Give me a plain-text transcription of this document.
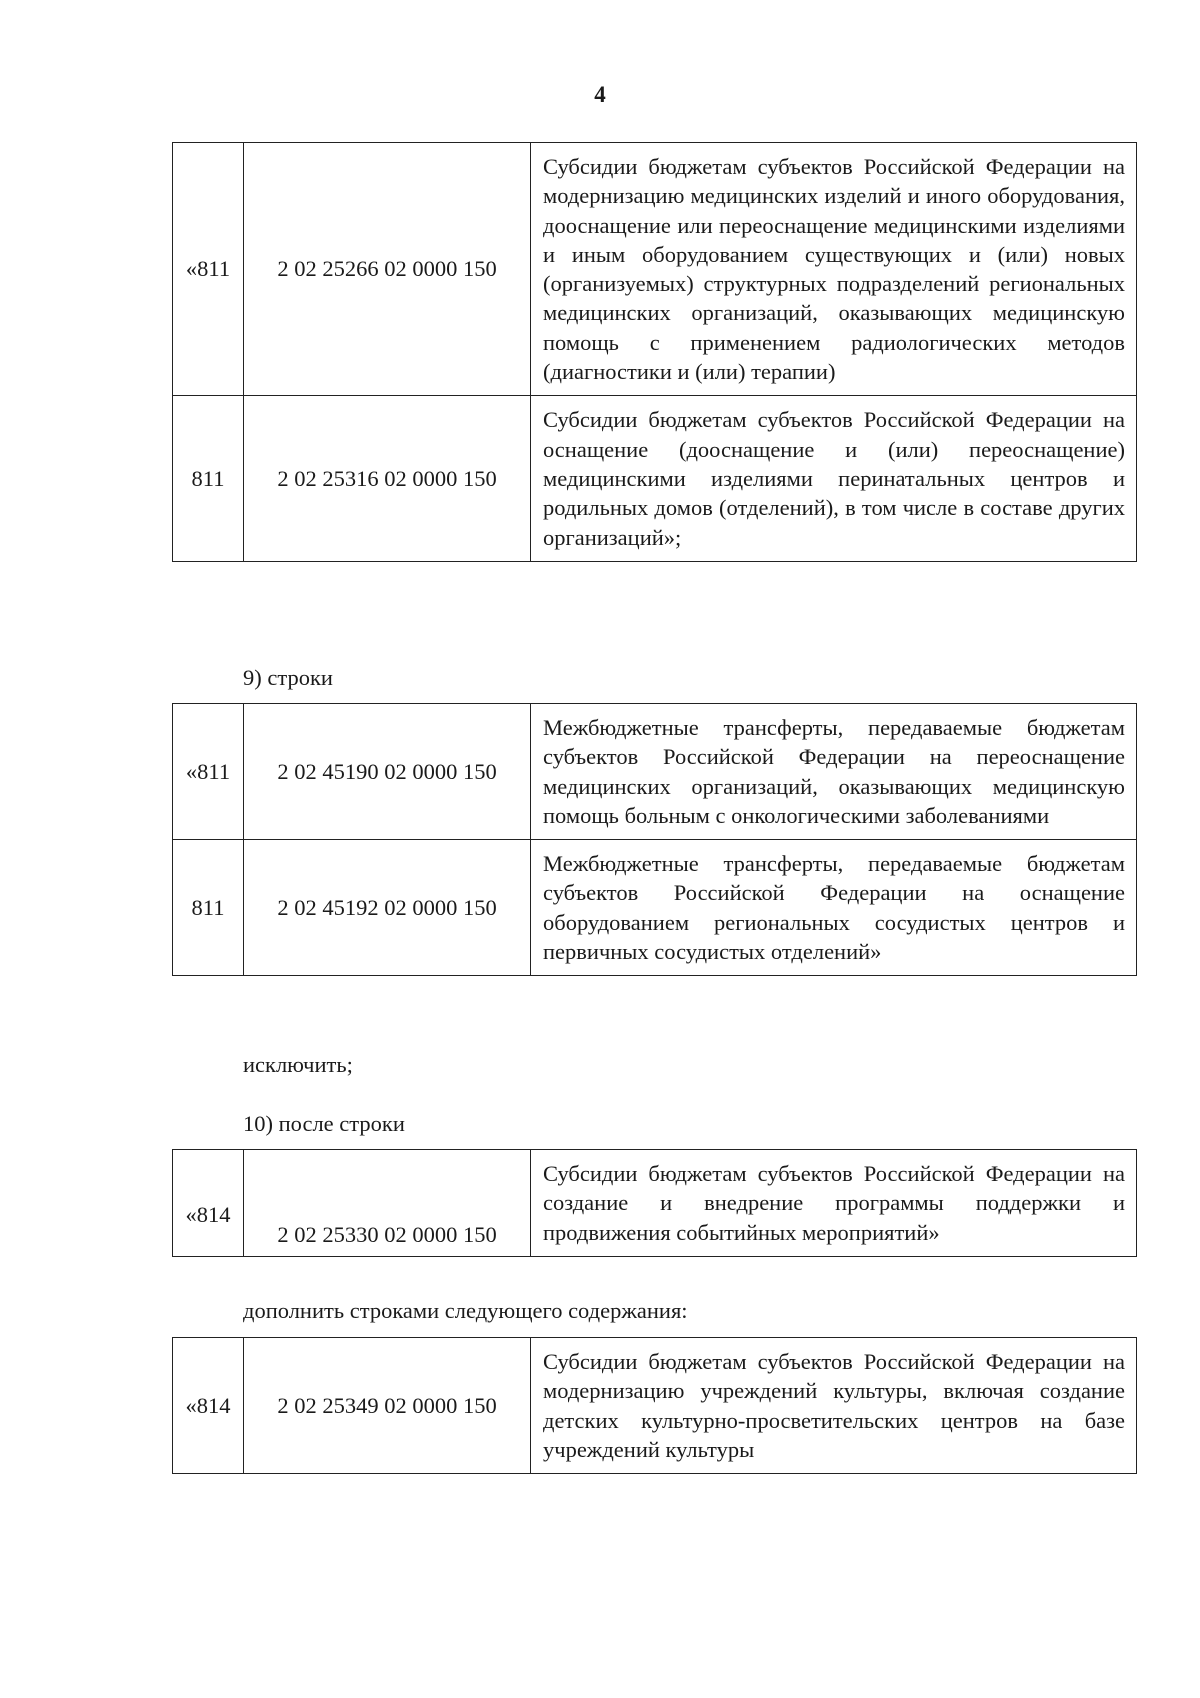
4
«811	2 02 25266 02 0000 150	Субсидии бюджетам субъектов Российской Федерации на модернизацию медицинских изделий и иного оборудования, дооснащение или переоснащение медицинскими изделиями и иным оборудованием существующих и (или) новых (организуемых) структурных подразделений региональных медицинских организаций, оказывающих медицинскую помощь с применением радиологических методов (диагностики и (или) терапии)
811	2 02 25316 02 0000 150	Субсидии бюджетам субъектов Российской Федерации на оснащение (дооснащение и (или) переоснащение) медицинскими изделиями перинатальных центров и родильных домов (отделений), в том числе в составе других организаций»;
9) строки
«811	2 02 45190 02 0000 150	Межбюджетные трансферты, передаваемые бюджетам субъектов Российской Федерации на переоснащение медицинских организаций, оказывающих медицинскую помощь больным с онкологическими заболеваниями
811	2 02 45192 02 0000 150	Межбюджетные трансферты, передаваемые бюджетам субъектов Российской Федерации на оснащение оборудованием региональных сосудистых центров и первичных сосудистых отделений»
исключить;
10) после строки
«814	2 02 25330 02 0000 150	Субсидии бюджетам субъектов Российской Федерации на создание и внедрение программы поддержки и продвижения событийных мероприятий»
дополнить строками следующего содержания:
«814	2 02 25349 02 0000 150	Субсидии бюджетам субъектов Российской Федерации на модернизацию учреждений культуры, включая создание детских культурно-просветительских центров на базе учреждений культуры
